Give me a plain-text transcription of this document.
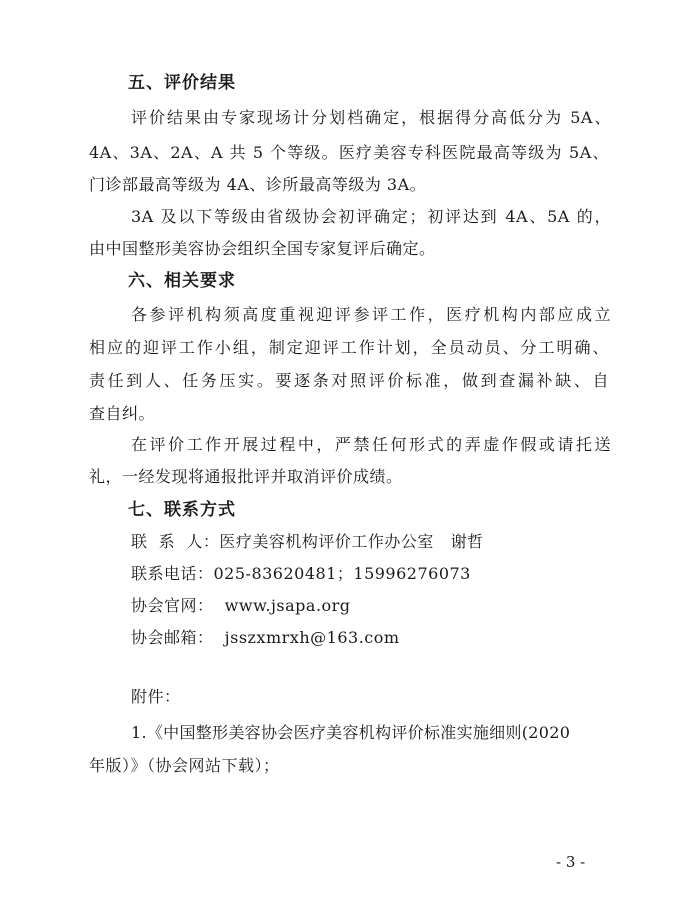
五、评价结果
评价结果由专家现场计分划档确定，根据得分高低分为 5A、
4A、3A、2A、A 共 5 个等级。医疗美容专科医院最高等级为 5A、
门诊部最高等级为 4A、诊所最高等级为 3A。
3A 及以下等级由省级协会初评确定；初评达到 4A、5A 的，
由中国整形美容协会组织全国专家复评后确定。
六、相关要求
各参评机构须高度重视迎评参评工作，医疗机构内部应成立
相应的迎评工作小组，制定迎评工作计划，全员动员、分工明确、
责任到人、任务压实。要逐条对照评价标准，做到查漏补缺、自
查自纠。
在评价工作开展过程中，严禁任何形式的弄虚作假或请托送
礼，一经发现将通报批评并取消评价成绩。
七、联系方式
联  系  人：医疗美容机构评价工作办公室   谢哲
联系电话：025-83620481；15996276073
协会官网：  www.jsapa.org
协会邮箱：  jsszxmrxh@163.com
附件：
1.《中国整形美容协会医疗美容机构评价标准实施细则(2020
年版）》（协会网站下载）；
- 3 -
